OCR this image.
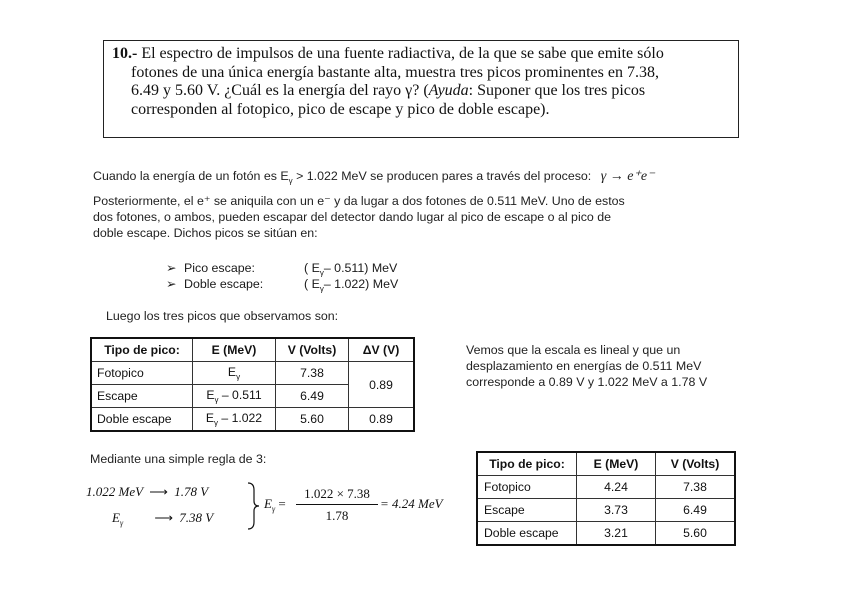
10.- El espectro de impulsos de una fuente radiactiva, de la que se sabe que emite sólo
fotones de una única energía bastante alta, muestra tres picos prominentes en 7.38,
6.49 y 5.60 V. ¿Cuál es la energía del rayo γ? (Ayuda: Suponer que los tres picos
corresponden al fotopico, pico de escape y pico de doble escape).
Cuando la energía de un fotón es $E_\gamma > 1.022$ MeV se producen pares a través del proceso: γ → e⁺e⁻
Posteriormente, el e⁺ se aniquila con un e⁻ y da lugar a dos fotones de 0.511 MeV. Uno de estos
dos fotones, o ambos, pueden escapar del detector dando lugar al pico de escape o al pico de
doble escape. Dichos picos se sitúan en:
➢ Pico escape:	( $E_\gamma-$ 0.511) MeV
➢ Doble escape:	( $E_\gamma-$ 1.022) MeV
Luego los tres picos que observamos son:
Tipo de pico:	E (MeV)	V (Volts)	ΔV (V)
Fotopico	$E_\gamma$	7.38	0.89
Escape	$E_\gamma - 0.511$	6.49	
Doble escape	$E_\gamma - 1.022$	5.60	0.89
Vemos que la escala es lineal y que un
desplazamiento en energías de 0.511 MeV
corresponde a 0.89 V y 1.022 MeV a 1.78 V
Mediante una simple regla de 3:
1.022 MeV ⟶ 1.78 V
$E_\gamma$ ⟶ 7.38 V
$E_\gamma$ =
1.022 × 7.38
1.78
= 4.24 MeV
Tipo de pico:	E (MeV)	V (Volts)
Fotopico	4.24	7.38
Escape	3.73	6.49
Doble escape	3.21	5.60
